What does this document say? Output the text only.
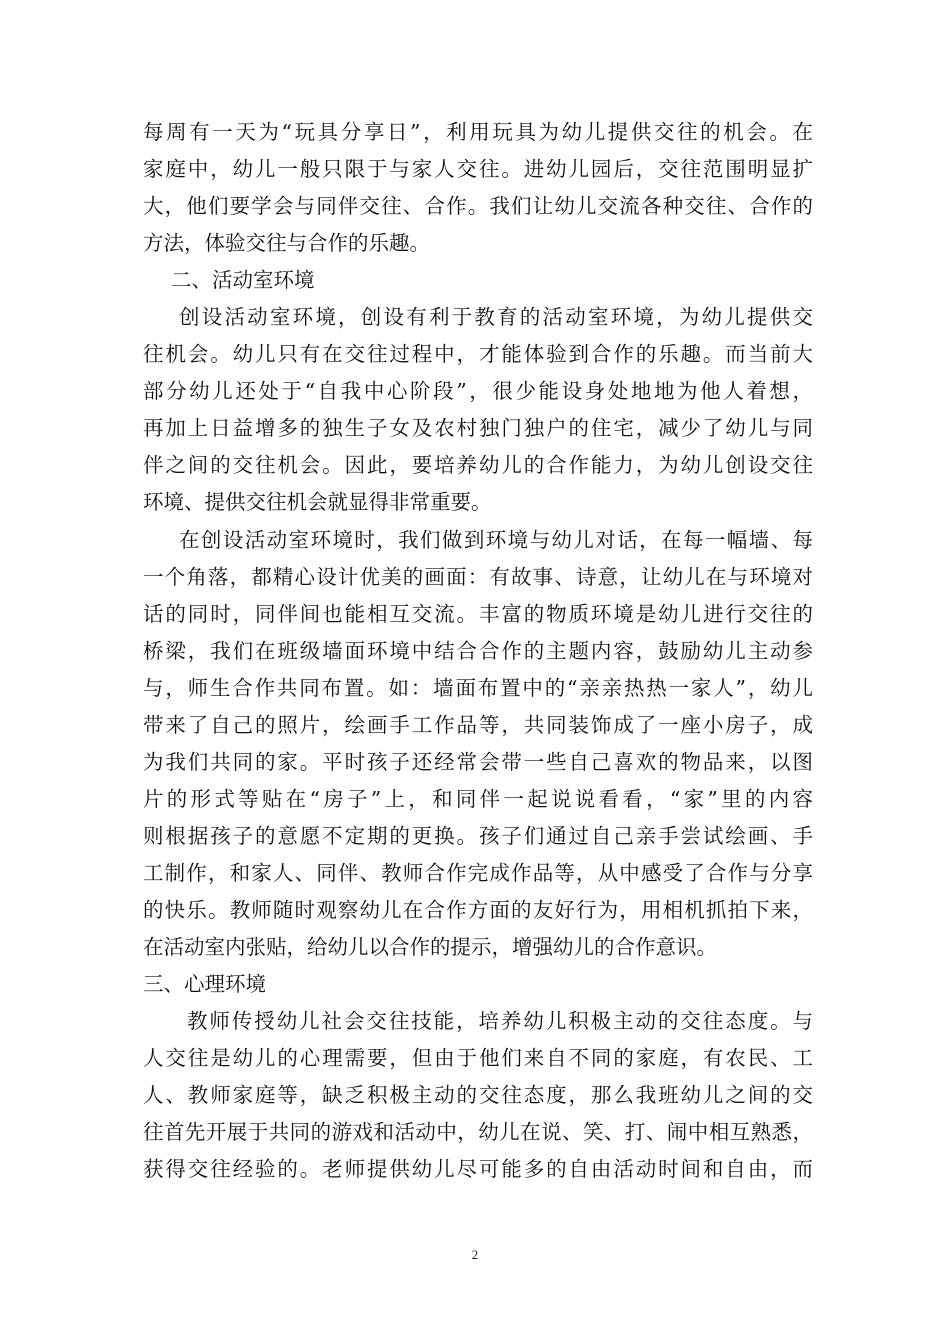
每周有一天为“玩具分享日”，利用玩具为幼儿提供交往的机会。在
家庭中，幼儿一般只限于与家人交往。进幼儿园后，交往范围明显扩
大，他们要学会与同伴交往、合作。我们让幼儿交流各种交往、合作的
方法，体验交往与合作的乐趣。
二、活动室环境
创设活动室环境，创设有利于教育的活动室环境，为幼儿提供交
往机会。幼儿只有在交往过程中，才能体验到合作的乐趣。而当前大
部分幼儿还处于“自我中心阶段”，很少能设身处地地为他人着想，
再加上日益增多的独生子女及农村独门独户的住宅，减少了幼儿与同
伴之间的交往机会。因此，要培养幼儿的合作能力，为幼儿创设交往
环境、提供交往机会就显得非常重要。
在创设活动室环境时，我们做到环境与幼儿对话，在每一幅墙、每
一个角落，都精心设计优美的画面：有故事、诗意，让幼儿在与环境对
话的同时，同伴间也能相互交流。丰富的物质环境是幼儿进行交往的
桥梁，我们在班级墙面环境中结合合作的主题内容，鼓励幼儿主动参
与，师生合作共同布置。如：墙面布置中的“亲亲热热一家人”，幼儿
带来了自己的照片，绘画手工作品等，共同装饰成了一座小房子，成
为我们共同的家。平时孩子还经常会带一些自己喜欢的物品来，以图
片的形式等贴在“房子”上，和同伴一起说说看看，“家”里的内容
则根据孩子的意愿不定期的更换。孩子们通过自己亲手尝试绘画、手
工制作，和家人、同伴、教师合作完成作品等，从中感受了合作与分享
的快乐。教师随时观察幼儿在合作方面的友好行为，用相机抓拍下来，
在活动室内张贴，给幼儿以合作的提示，增强幼儿的合作意识。
三、心理环境
教师传授幼儿社会交往技能，培养幼儿积极主动的交往态度。与
人交往是幼儿的心理需要，但由于他们来自不同的家庭，有农民、工
人、教师家庭等，缺乏积极主动的交往态度，那么我班幼儿之间的交
往首先开展于共同的游戏和活动中，幼儿在说、笑、打、闹中相互熟悉，
获得交往经验的。老师提供幼儿尽可能多的自由活动时间和自由，而
2
